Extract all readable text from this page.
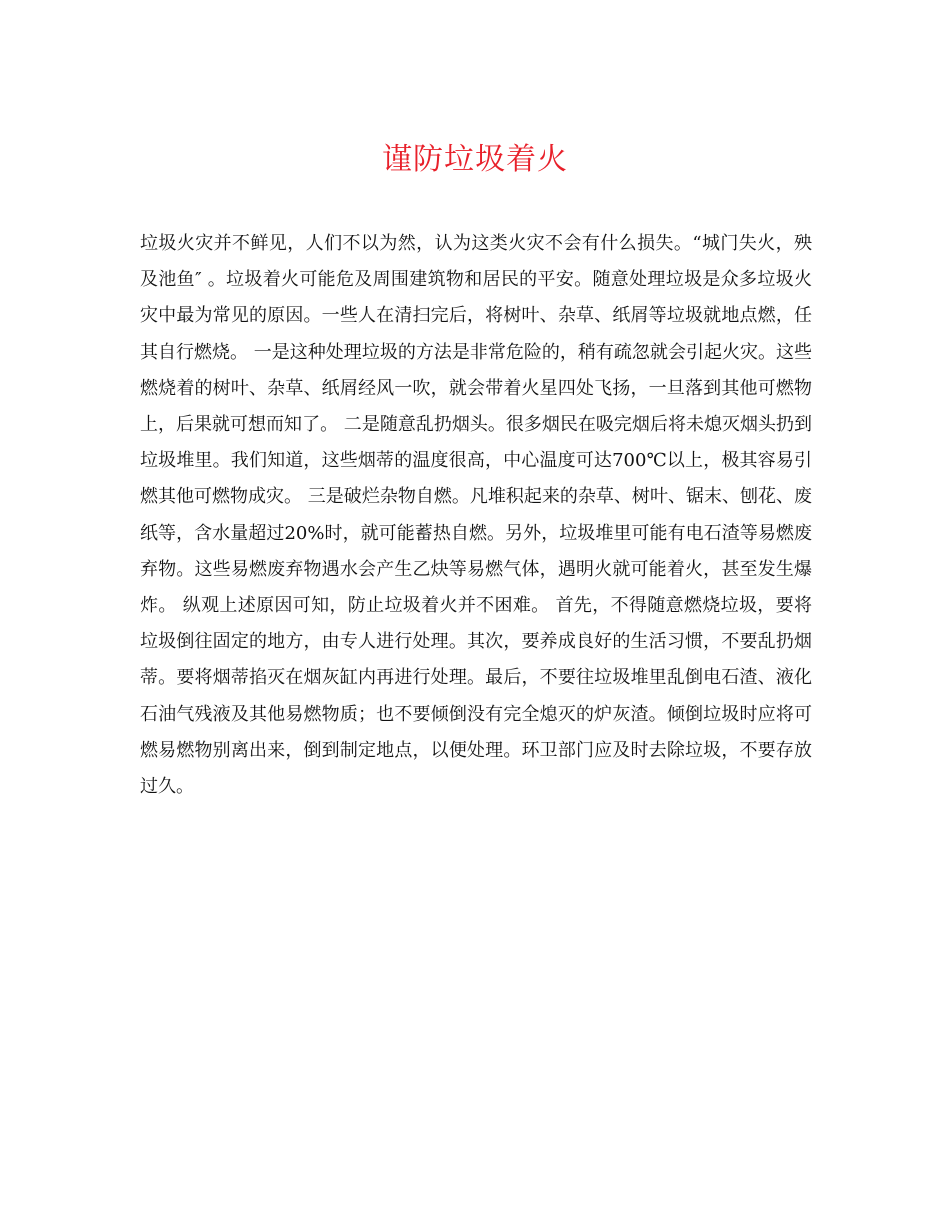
谨防垃圾着火

垃圾火灾并不鲜见，人们不以为然，认为这类火灾不会有什么损失。“城门失火，殃及池鱼″ 。垃圾着火可能危及周围建筑物和居民的平安。随意处理垃圾是众多垃圾火灾中最为常见的原因。一些人在清扫完后，将树叶、杂草、纸屑等垃圾就地点燃，任其自行燃烧。 一是这种处理垃圾的方法是非常危险的，稍有疏忽就会引起火灾。这些燃烧着的树叶、杂草、纸屑经风一吹，就会带着火星四处飞扬，一旦落到其他可燃物上，后果就可想而知了。 二是随意乱扔烟头。很多烟民在吸完烟后将未熄灭烟头扔到垃圾堆里。我们知道，这些烟蒂的温度很高，中心温度可达700℃以上，极其容易引燃其他可燃物成灾。 三是破烂杂物自燃。凡堆积起来的杂草、树叶、锯末、刨花、废纸等，含水量超过20%时，就可能蓄热自燃。另外，垃圾堆里可能有电石渣等易燃废弃物。这些易燃废弃物遇水会产生乙炔等易燃气体，遇明火就可能着火，甚至发生爆炸。 纵观上述原因可知，防止垃圾着火并不困难。 首先，不得随意燃烧垃圾，要将垃圾倒往固定的地方，由专人进行处理。其次，要养成良好的生活习惯，不要乱扔烟蒂。要将烟蒂掐灭在烟灰缸内再进行处理。最后，不要往垃圾堆里乱倒电石渣、液化石油气残液及其他易燃物质；也不要倾倒没有完全熄灭的炉灰渣。倾倒垃圾时应将可燃易燃物别离出来，倒到制定地点，以便处理。环卫部门应及时去除垃圾，不要存放过久。
